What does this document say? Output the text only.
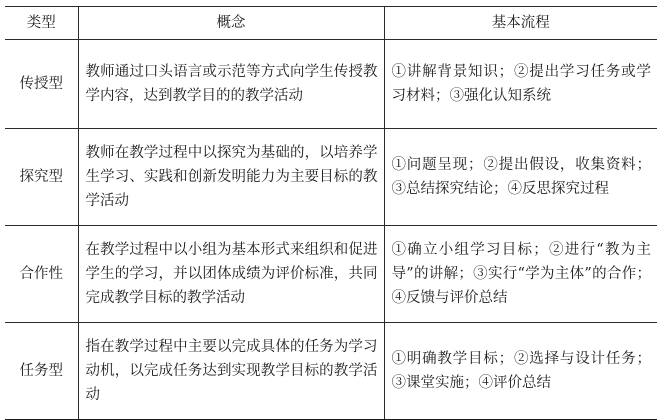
类型	概念	基本流程
传授型	教师通过口头语言或示范等方式向学生传授教学内容，达到教学目的的教学活动	①讲解背景知识；②提出学习任务或学习材料；③强化认知系统
探究型	教师在教学过程中以探究为基础的，以培养学生学习、实践和创新发明能力为主要目标的教学活动	①问题呈现；②提出假设，收集资料；③总结探究结论；④反思探究过程
合作性	在教学过程中以小组为基本形式来组织和促进学生的学习，并以团体成绩为评价标准，共同完成教学目标的教学活动	①确立小组学习目标；②进行“教为主导”的讲解；③实行“学为主体”的合作；④反馈与评价总结
任务型	指在教学过程中主要以完成具体的任务为学习动机，以完成任务达到实现教学目标的教学活动	①明确教学目标；②选择与设计任务；③课堂实施；④评价总结
